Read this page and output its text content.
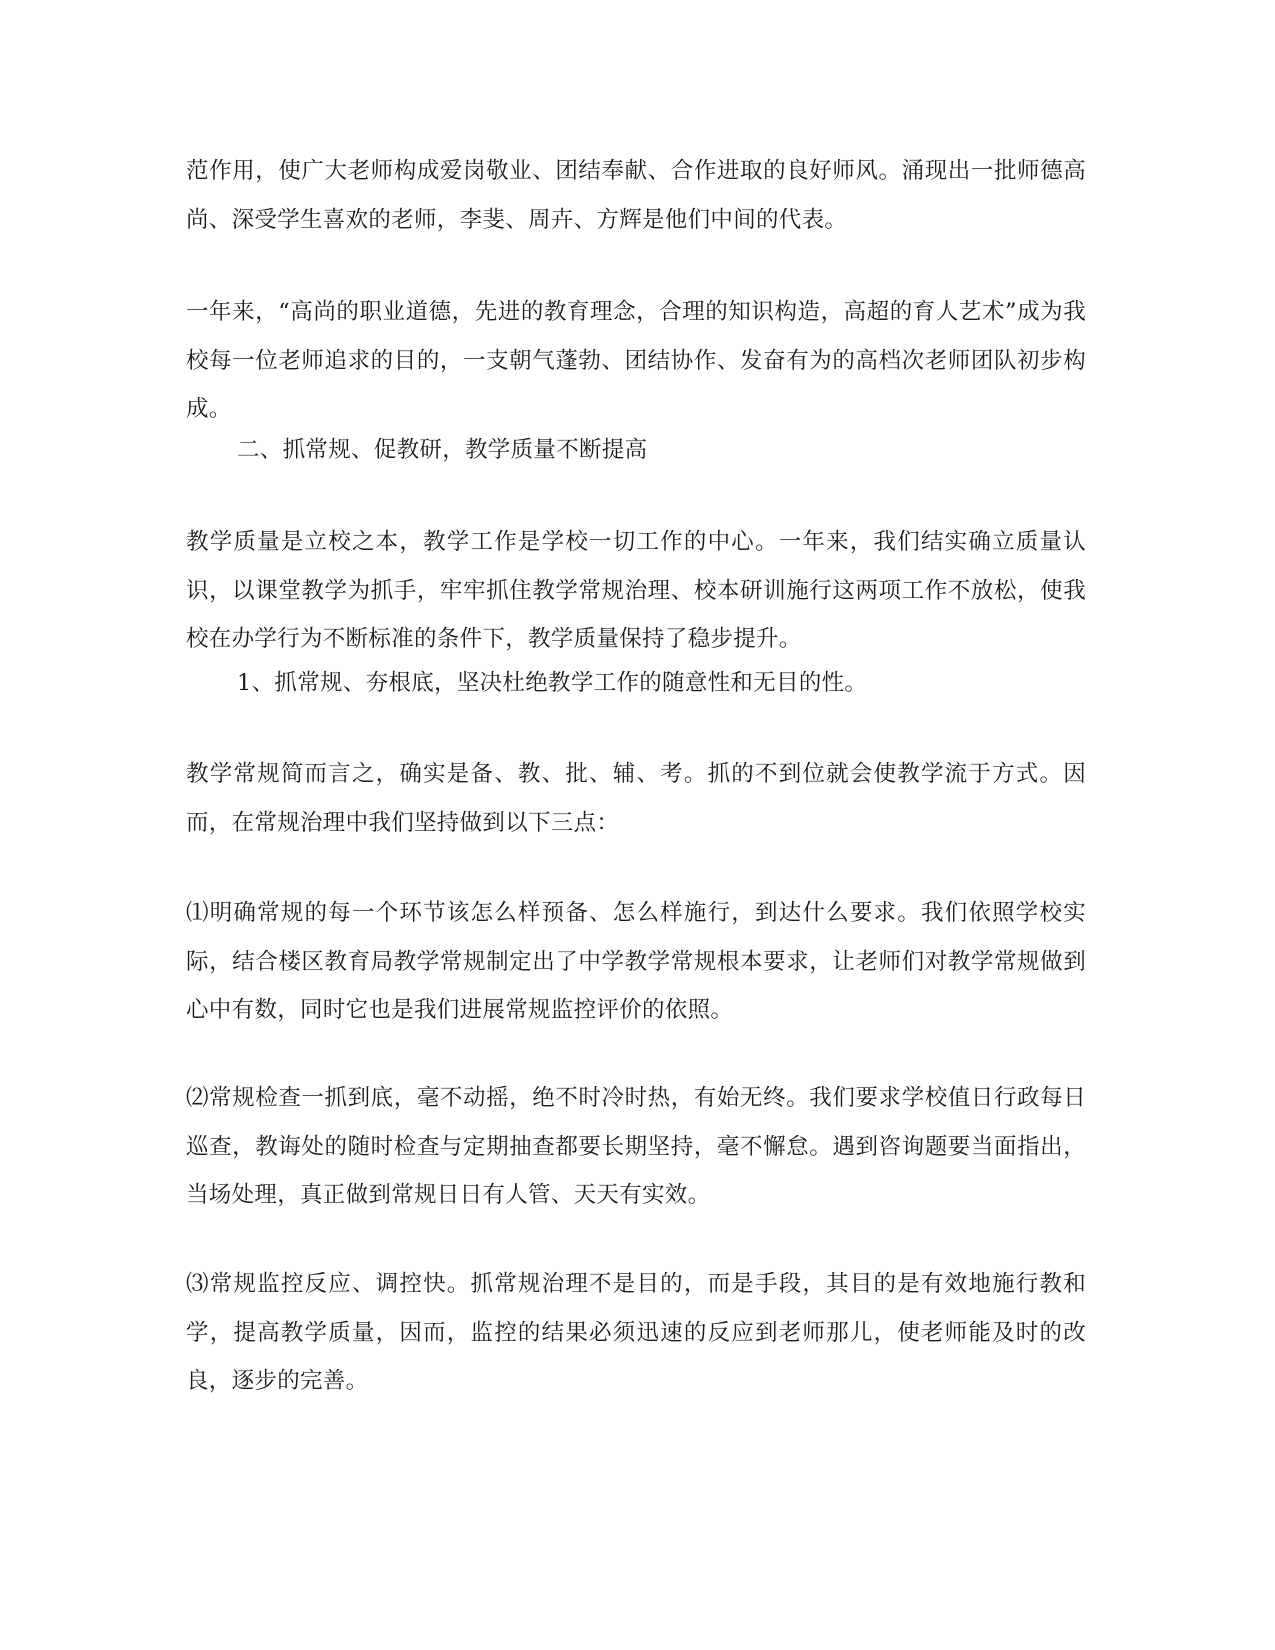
范作用，使广大老师构成爱岗敬业、团结奉献、合作进取的良好师风。涌现出一批师德高尚、深受学生喜欢的老师，李斐、周卉、方辉是他们中间的代表。

一年来，“高尚的职业道德，先进的教育理念，合理的知识构造，高超的育人艺术”成为我校每一位老师追求的目的，一支朝气蓬勃、团结协作、发奋有为的高档次老师团队初步构成。

二、抓常规、促教研，教学质量不断提高

教学质量是立校之本，教学工作是学校一切工作的中心。一年来，我们结实确立质量认识，以课堂教学为抓手，牢牢抓住教学常规治理、校本研训施行这两项工作不放松，使我校在办学行为不断标准的条件下，教学质量保持了稳步提升。

1、抓常规、夯根底，坚决杜绝教学工作的随意性和无目的性。

教学常规简而言之，确实是备、教、批、辅、考。抓的不到位就会使教学流于方式。因而，在常规治理中我们坚持做到以下三点：

⑴明确常规的每一个环节该怎么样预备、怎么样施行，到达什么要求。我们依照学校实际，结合楼区教育局教学常规制定出了中学教学常规根本要求，让老师们对教学常规做到心中有数，同时它也是我们进展常规监控评价的依照。

⑵常规检查一抓到底，毫不动摇，绝不时冷时热，有始无终。我们要求学校值日行政每日巡查，教诲处的随时检查与定期抽查都要长期坚持，毫不懈怠。遇到咨询题要当面指出，当场处理，真正做到常规日日有人管、天天有实效。

⑶常规监控反应、调控快。抓常规治理不是目的，而是手段，其目的是有效地施行教和学，提高教学质量，因而，监控的结果必须迅速的反应到老师那儿，使老师能及时的改良，逐步的完善。
